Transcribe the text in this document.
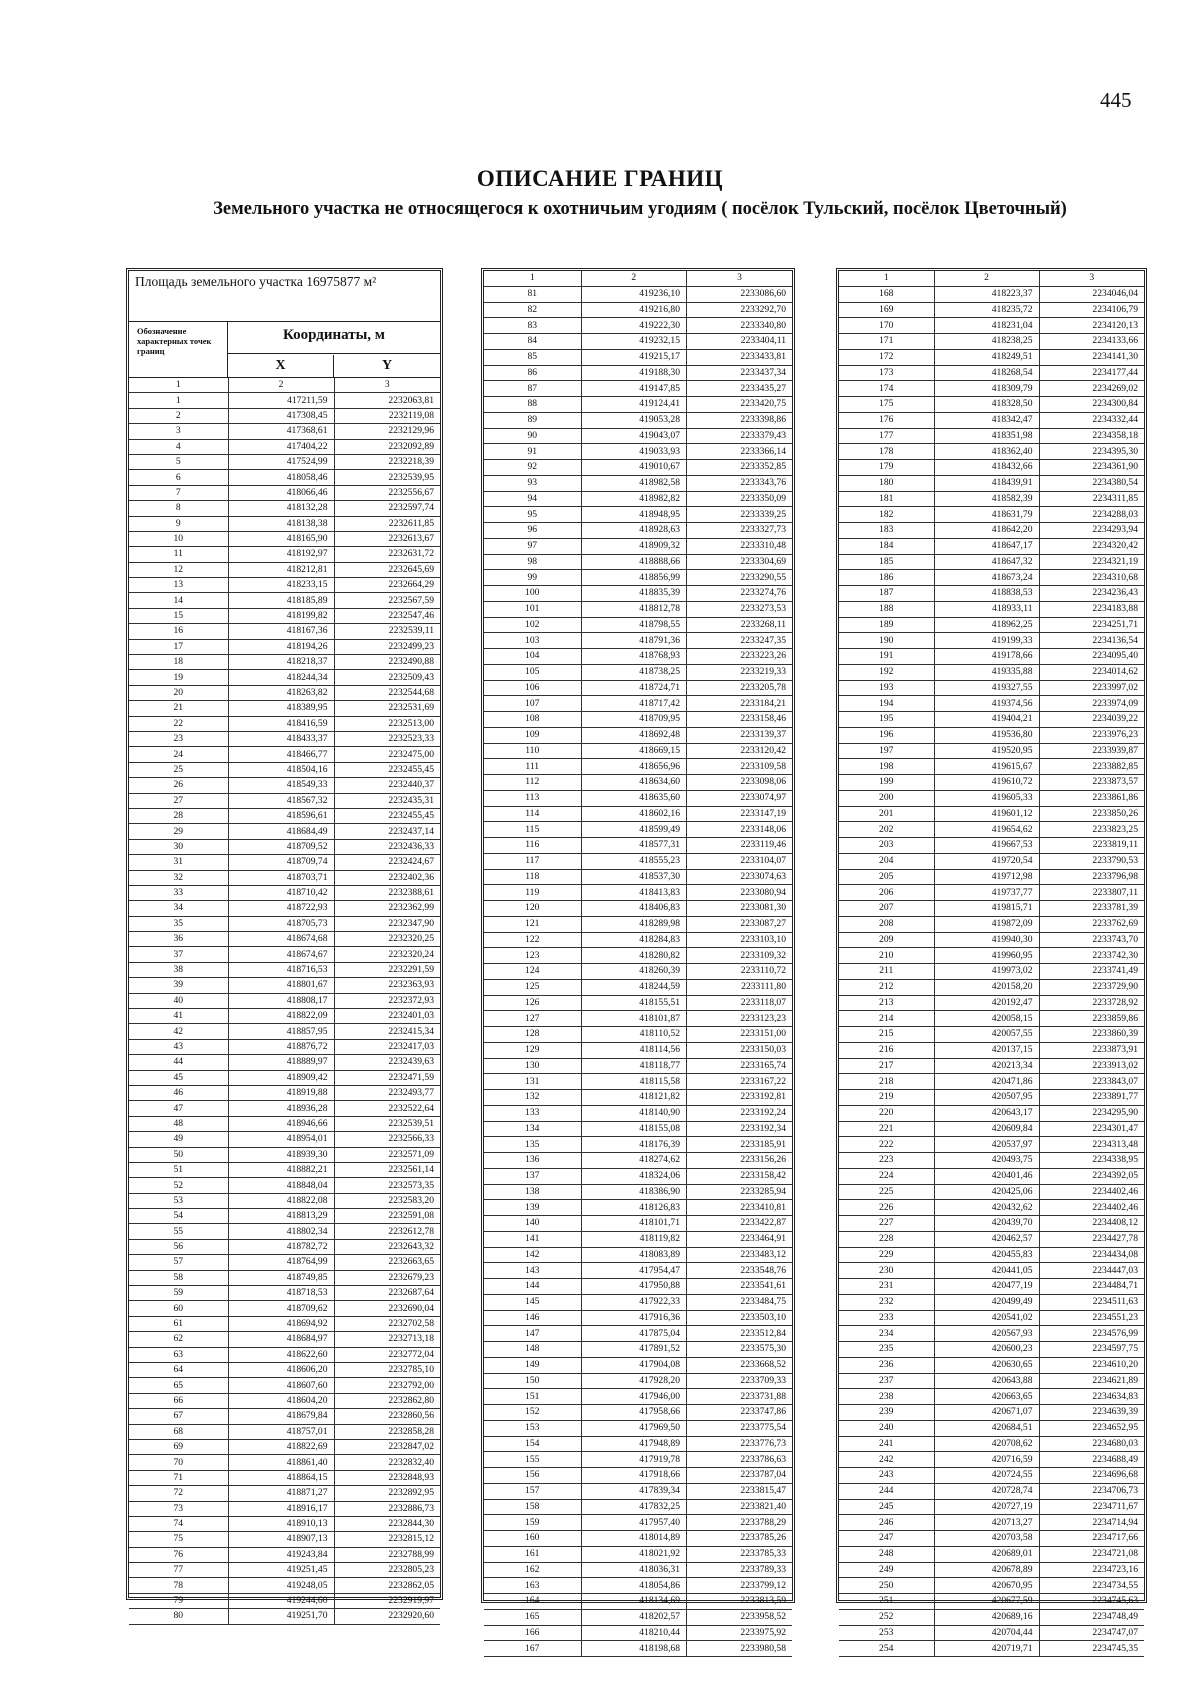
445
ОПИСАНИЕ ГРАНИЦ
Земельного участка не относящегося к охотничьим угодиям ( посёлок Тульский, посёлок Цветочный)
Площадь земельного участка 16975877 м²
Обозначение характерных точек границ
Координаты, м
X	Y
1	2	3
1	417211,59	2232063,81
2	417308,45	2232119,08
3	417368,61	2232129,96
4	417404,22	2232092,89
5	417524,99	2232218,39
6	418058,46	2232539,95
7	418066,46	2232556,67
8	418132,28	2232597,74
9	418138,38	2232611,85
10	418165,90	2232613,67
11	418192,97	2232631,72
12	418212,81	2232645,69
13	418233,15	2232664,29
14	418185,89	2232567,59
15	418199,82	2232547,46
16	418167,36	2232539,11
17	418194,26	2232499,23
18	418218,37	2232490,88
19	418244,34	2232509,43
20	418263,82	2232544,68
21	418389,95	2232531,69
22	418416,59	2232513,00
23	418433,37	2232523,33
24	418466,77	2232475,00
25	418504,16	2232455,45
26	418549,33	2232440,37
27	418567,32	2232435,31
28	418596,61	2232455,45
29	418684,49	2232437,14
30	418709,52	2232436,33
31	418709,74	2232424,67
32	418703,71	2232402,36
33	418710,42	2232388,61
34	418722,93	2232362,99
35	418705,73	2232347,90
36	418674,68	2232320,25
37	418674,67	2232320,24
38	418716,53	2232291,59
39	418801,67	2232363,93
40	418808,17	2232372,93
41	418822,09	2232401,03
42	418857,95	2232415,34
43	418876,72	2232417,03
44	418889,97	2232439,63
45	418909,42	2232471,59
46	418919,88	2232493,77
47	418936,28	2232522,64
48	418946,66	2232539,51
49	418954,01	2232566,33
50	418939,30	2232571,09
51	418882,21	2232561,14
52	418848,04	2232573,35
53	418822,08	2232583,20
54	418813,29	2232591,08
55	418802,34	2232612,78
56	418782,72	2232643,32
57	418764,99	2232663,65
58	418749,85	2232679,23
59	418718,53	2232687,64
60	418709,62	2232690,04
61	418694,92	2232702,58
62	418684,97	2232713,18
63	418622,60	2232772,04
64	418606,20	2232785,10
65	418607,60	2232792,00
66	418604,20	2232862,80
67	418679,84	2232860,56
68	418757,01	2232858,28
69	418822,69	2232847,02
70	418861,40	2232832,40
71	418864,15	2232848,93
72	418871,27	2232892,95
73	418916,17	2232886,73
74	418910,13	2232844,30
75	418907,13	2232815,12
76	419243,84	2232788,99
77	419251,45	2232805,23
78	419248,05	2232862,05
79	419244,60	2232919,97
80	419251,70	2232920,60
1	2	3
81	419236,10	2233086,60
82	419216,80	2233292,70
83	419222,30	2233340,80
84	419232,15	2233404,11
85	419215,17	2233433,81
86	419188,30	2233437,34
87	419147,85	2233435,27
88	419124,41	2233420,75
89	419053,28	2233398,86
90	419043,07	2233379,43
91	419033,93	2233366,14
92	419010,67	2233352,85
93	418982,58	2233343,76
94	418982,82	2233350,09
95	418948,95	2233339,25
96	418928,63	2233327,73
97	418909,32	2233310,48
98	418888,66	2233304,69
99	418856,99	2233290,55
100	418835,39	2233274,76
101	418812,78	2233273,53
102	418798,55	2233268,11
103	418791,36	2233247,35
104	418768,93	2233223,26
105	418738,25	2233219,33
106	418724,71	2233205,78
107	418717,42	2233184,21
108	418709,95	2233158,46
109	418692,48	2233139,37
110	418669,15	2233120,42
111	418656,96	2233109,58
112	418634,60	2233098,06
113	418635,60	2233074,97
114	418602,16	2233147,19
115	418599,49	2233148,06
116	418577,31	2233119,46
117	418555,23	2233104,07
118	418537,30	2233074,63
119	418413,83	2233080,94
120	418406,83	2233081,30
121	418289,98	2233087,27
122	418284,83	2233103,10
123	418280,82	2233109,32
124	418260,39	2233110,72
125	418244,59	2233111,80
126	418155,51	2233118,07
127	418101,87	2233123,23
128	418110,52	2233151,00
129	418114,56	2233150,03
130	418118,77	2233165,74
131	418115,58	2233167,22
132	418121,82	2233192,81
133	418140,90	2233192,24
134	418155,08	2233192,34
135	418176,39	2233185,91
136	418274,62	2233156,26
137	418324,06	2233158,42
138	418386,90	2233285,94
139	418126,83	2233410,81
140	418101,71	2233422,87
141	418119,82	2233464,91
142	418083,89	2233483,12
143	417954,47	2233548,76
144	417950,88	2233541,61
145	417922,33	2233484,75
146	417916,36	2233503,10
147	417875,04	2233512,84
148	417891,52	2233575,30
149	417904,08	2233668,52
150	417928,20	2233709,33
151	417946,00	2233731,88
152	417958,66	2233747,86
153	417969,50	2233775,54
154	417948,89	2233776,73
155	417919,78	2233786,63
156	417918,66	2233787,04
157	417839,34	2233815,47
158	417832,25	2233821,40
159	417957,40	2233788,29
160	418014,89	2233785,26
161	418021,92	2233785,33
162	418036,31	2233789,33
163	418054,86	2233799,12
164	418134,69	2233813,59
165	418202,57	2233958,52
166	418210,44	2233975,92
167	418198,68	2233980,58
1	2	3
168	418223,37	2234046,04
169	418235,72	2234106,79
170	418231,04	2234120,13
171	418238,25	2234133,66
172	418249,51	2234141,30
173	418268,54	2234177,44
174	418309,79	2234269,02
175	418328,50	2234300,84
176	418342,47	2234332,44
177	418351,98	2234358,18
178	418362,40	2234395,30
179	418432,66	2234361,90
180	418439,91	2234380,54
181	418582,39	2234311,85
182	418631,79	2234288,03
183	418642,20	2234293,94
184	418647,17	2234320,42
185	418647,32	2234321,19
186	418673,24	2234310,68
187	418838,53	2234236,43
188	418933,11	2234183,88
189	418962,25	2234251,71
190	419199,33	2234136,54
191	419178,66	2234095,40
192	419335,88	2234014,62
193	419327,55	2233997,02
194	419374,56	2233974,09
195	419404,21	2234039,22
196	419536,80	2233976,23
197	419520,95	2233939,87
198	419615,67	2233882,85
199	419610,72	2233873,57
200	419605,33	2233861,86
201	419601,12	2233850,26
202	419654,62	2233823,25
203	419667,53	2233819,11
204	419720,54	2233790,53
205	419712,98	2233796,98
206	419737,77	2233807,11
207	419815,71	2233781,39
208	419872,09	2233762,69
209	419940,30	2233743,70
210	419960,95	2233742,30
211	419973,02	2233741,49
212	420158,20	2233729,90
213	420192,47	2233728,92
214	420058,15	2233859,86
215	420057,55	2233860,39
216	420137,15	2233873,91
217	420213,34	2233913,02
218	420471,86	2233843,07
219	420507,95	2233891,77
220	420643,17	2234295,90
221	420609,84	2234301,47
222	420537,97	2234313,48
223	420493,75	2234338,95
224	420401,46	2234392,05
225	420425,06	2234402,46
226	420432,62	2234402,46
227	420439,70	2234408,12
228	420462,57	2234427,78
229	420455,83	2234434,08
230	420441,05	2234447,03
231	420477,19	2234484,71
232	420499,49	2234511,63
233	420541,02	2234551,23
234	420567,93	2234576,99
235	420600,23	2234597,75
236	420630,65	2234610,20
237	420643,88	2234621,89
238	420663,65	2234634,83
239	420671,07	2234639,39
240	420684,51	2234652,95
241	420708,62	2234680,03
242	420716,59	2234688,49
243	420724,55	2234696,68
244	420728,74	2234706,73
245	420727,19	2234711,67
246	420713,27	2234714,94
247	420703,58	2234717,66
248	420689,01	2234721,08
249	420678,89	2234723,16
250	420670,95	2234734,55
251	420677,59	2234745,63
252	420689,16	2234748,49
253	420704,44	2234747,07
254	420719,71	2234745,35
